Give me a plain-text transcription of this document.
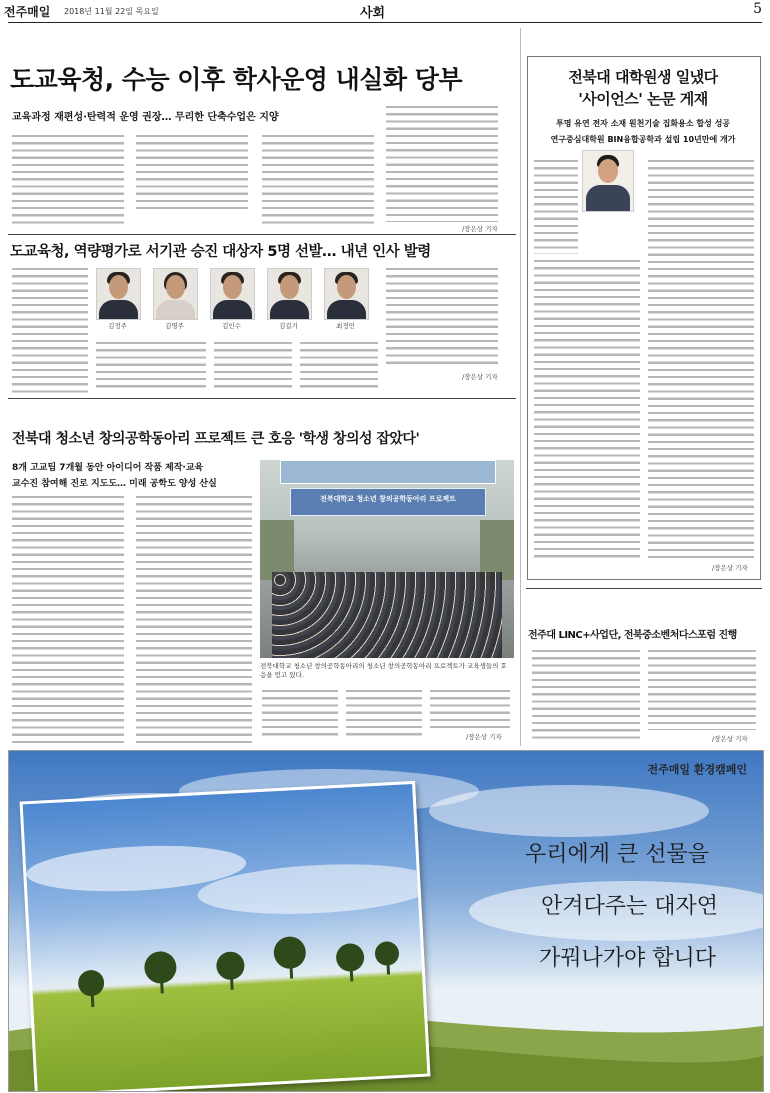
전주매일 2018년 11월 22일 목요일	사회	5
도교육청, 수능 이후 학사운영 내실화 당부
교육과정 재편성·탄력적 운영 권장… 무리한 단축수업은 지양
/장은상 기자
도교육청, 역량평가로 서기관 승진 대상자 5명 선발… 내년 인사 발령
김정주	김명주	김인수	김길기	최정민
/장은상 기자
전북대 청소년 창의공학동아리 프로젝트 큰 호응 '학생 창의성 잡았다'
8개 고교팀 7개월 동안 아이디어 작품 제작·교육
교수진 참여해 진로 지도도… 미래 공학도 양성 산실
전북대학교 청소년 창의공학동아리 프로젝트
전북대학교 청소년 창의공학동아리의 청소년 창의공학동아리 프로젝트가 교육생들의 호응을 얻고 있다.
/장은상 기자
전북대 대학원생 일냈다
'사이언스' 논문 게재
투명 유연 전자 소재 원천기술 집화용소 합성 성공
연구중심대학원 BIN융합공학과 설립 10년만에 개가
/장은상 기자
전주대 LINC+사업단, 전북중소벤처다스포럼 진행
/장은상 기자
전주매일 환경캠페인
우리에게 큰 선물을
안겨다주는 대자연
가꿔나가야 합니다
